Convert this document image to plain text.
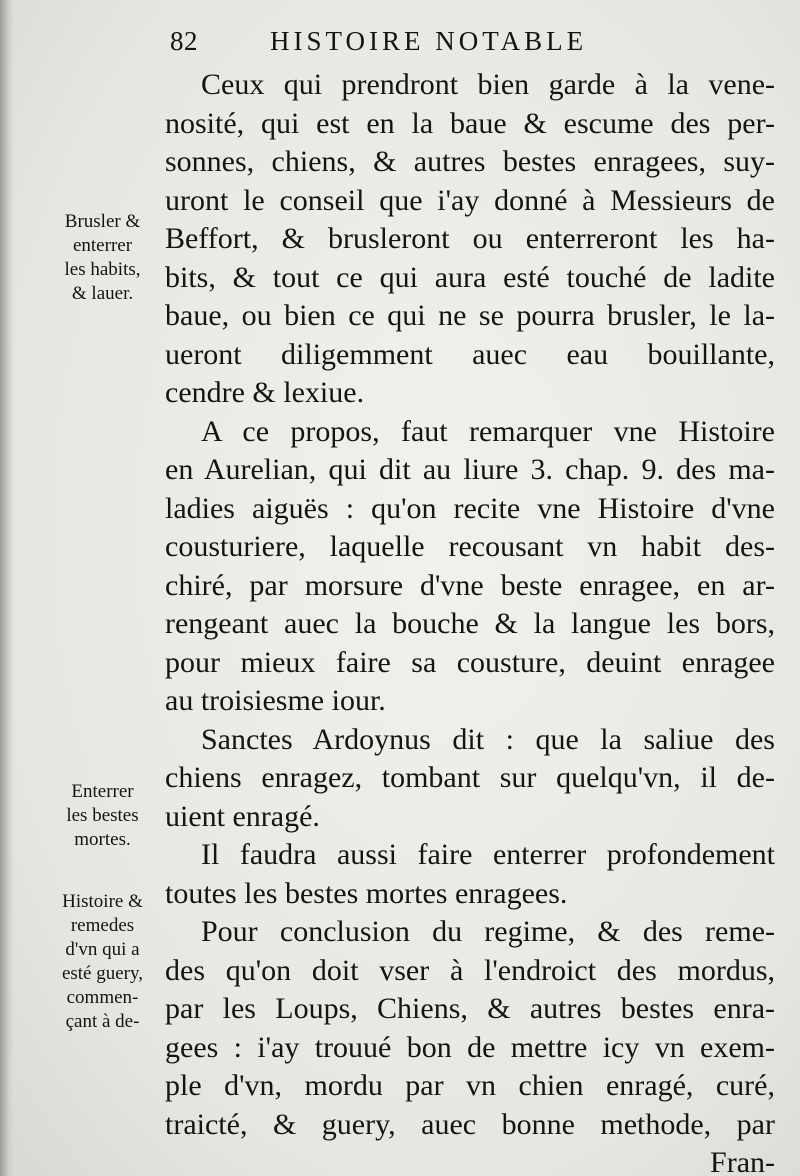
82	HISTOIRE NOTABLE
Ceux qui prendront bien garde à la vene-
nosité, qui est en la baue & escume des per-
sonnes, chiens, & autres bestes enragees, suy-
uront le conseil que i'ay donné à Messieurs de
Beffort, & brusleront ou enterreront les ha-
bits, & tout ce qui aura esté touché de ladite
baue, ou bien ce qui ne se pourra brusler, le la-
ueront diligemment auec eau bouillante,
cendre & lexiue.
A ce propos, faut remarquer vne Histoire
en Aurelian, qui dit au liure 3. chap. 9. des ma-
ladies aiguës : qu'on recite vne Histoire d'vne
cousturiere, laquelle recousant vn habit des-
chiré, par morsure d'vne beste enragee, en ar-
rengeant auec la bouche & la langue les bors,
pour mieux faire sa cousture, deuint enragee
au troisiesme iour.
Sanctes Ardoynus dit : que la saliue des
chiens enragez, tombant sur quelqu'vn, il de-
uient enragé.
Il faudra aussi faire enterrer profondement
toutes les bestes mortes enragees.
Pour conclusion du regime, & des reme-
des qu'on doit vser à l'endroict des mordus,
par les Loups, Chiens, & autres bestes enra-
gees : i'ay trouué bon de mettre icy vn exem-
ple d'vn, mordu par vn chien enragé, curé,
traicté, & guery, auec bonne methode, par
Fran-
Brusler &
enterrer
les habits,
& lauer.
Enterrer
les bestes
mortes.
Histoire &
remedes
d'vn qui a
esté guery,
commen-
çant à de-
